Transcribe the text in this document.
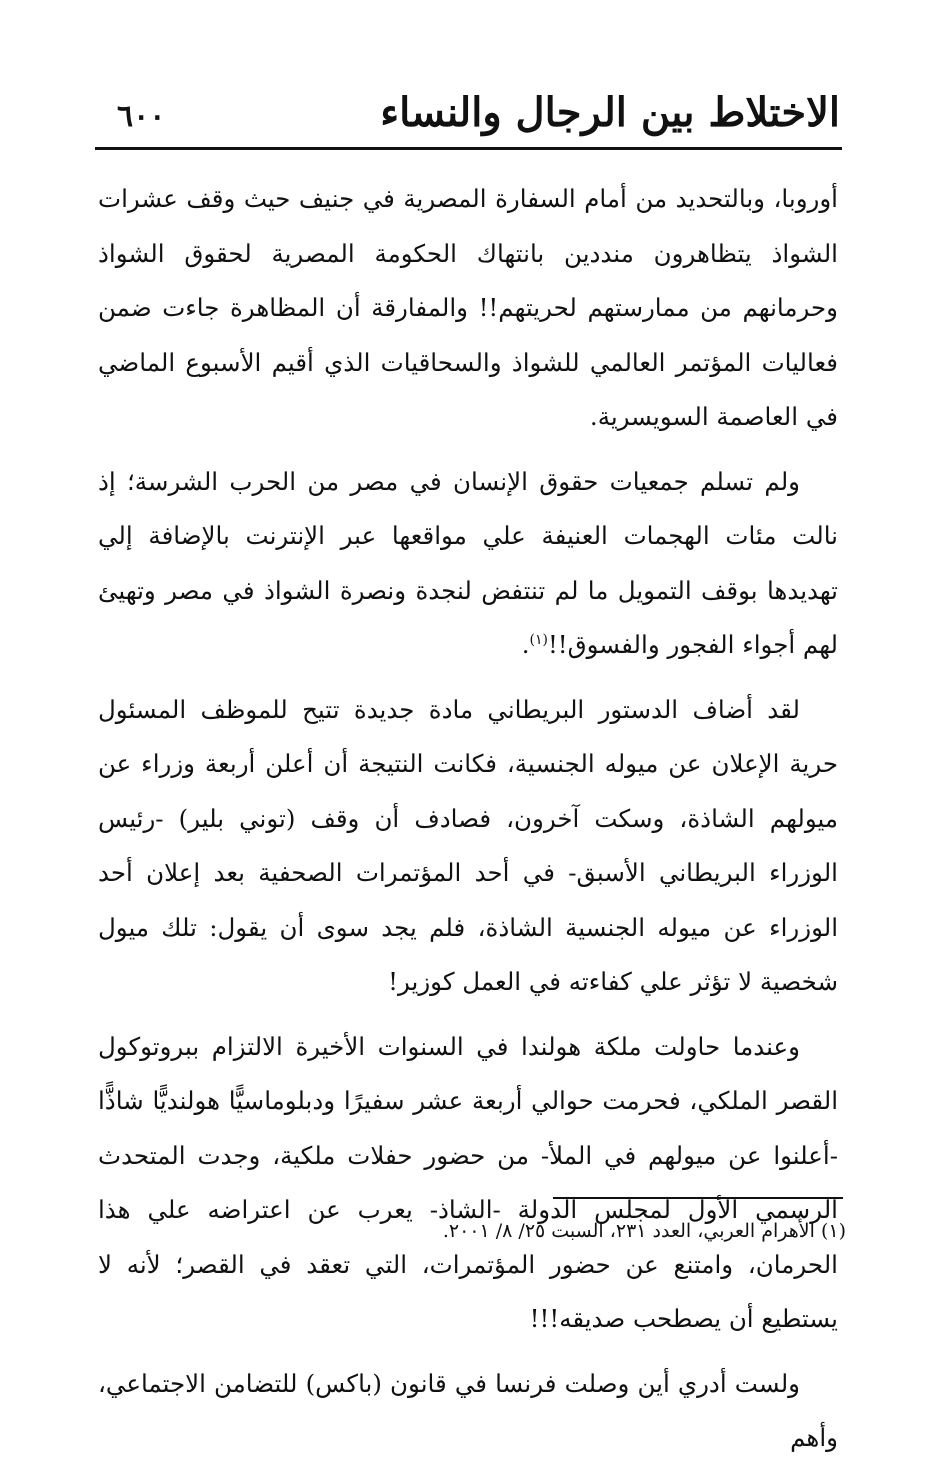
الاختلاط بين الرجال والنساء
٦٠٠

أوروبا، وبالتحديد من أمام السفارة المصرية في جنيف حيث وقف عشرات الشواذ يتظاهرون منددين بانتهاك الحكومة المصرية لحقوق الشواذ وحرمانهم من ممارستهم لحريتهم!! والمفارقة أن المظاهرة جاءت ضمن فعاليات المؤتمر العالمي للشواذ والسحاقيات الذي أقيم الأسبوع الماضي في العاصمة السويسرية.

ولم تسلم جمعيات حقوق الإنسان في مصر من الحرب الشرسة؛ إذ نالت مئات الهجمات العنيفة علي مواقعها عبر الإنترنت بالإضافة إلي تهديدها بوقف التمويل ما لم تنتفض لنجدة ونصرة الشواذ في مصر وتهيئ لهم أجواء الفجور والفسوق!!$^{(١)}$.

لقد أضاف الدستور البريطاني مادة جديدة تتيح للموظف المسئول حرية الإعلان عن ميوله الجنسية، فكانت النتيجة أن أعلن أربعة وزراء عن ميولهم الشاذة، وسكت آخرون، فصادف أن وقف (توني بلير) -رئيس الوزراء البريطاني الأسبق- في أحد المؤتمرات الصحفية بعد إعلان أحد الوزراء عن ميوله الجنسية الشاذة، فلم يجد سوى أن يقول: تلك ميول شخصية لا تؤثر علي كفاءته في العمل كوزير!

وعندما حاولت ملكة هولندا في السنوات الأخيرة الالتزام ببروتوكول القصر الملكي، فحرمت حوالي أربعة عشر سفيرًا ودبلوماسيًّا هولنديًّا شاذًّا -أعلنوا عن ميولهم في الملأ- من حضور حفلات ملكية، وجدت المتحدث الرسمي الأول لمجلس الدولة -الشاذ- يعرب عن اعتراضه علي هذا الحرمان، وامتنع عن حضور المؤتمرات، التي تعقد في القصر؛ لأنه لا يستطيع أن يصطحب صديقه!!!

ولست أدري أين وصلت فرنسا في قانون (باكس) للتضامن الاجتماعي، وأهم

(١) الأهرام العربي، العدد ٢٣١، السبت ٢٥/ ٨/ ٢٠٠١.
